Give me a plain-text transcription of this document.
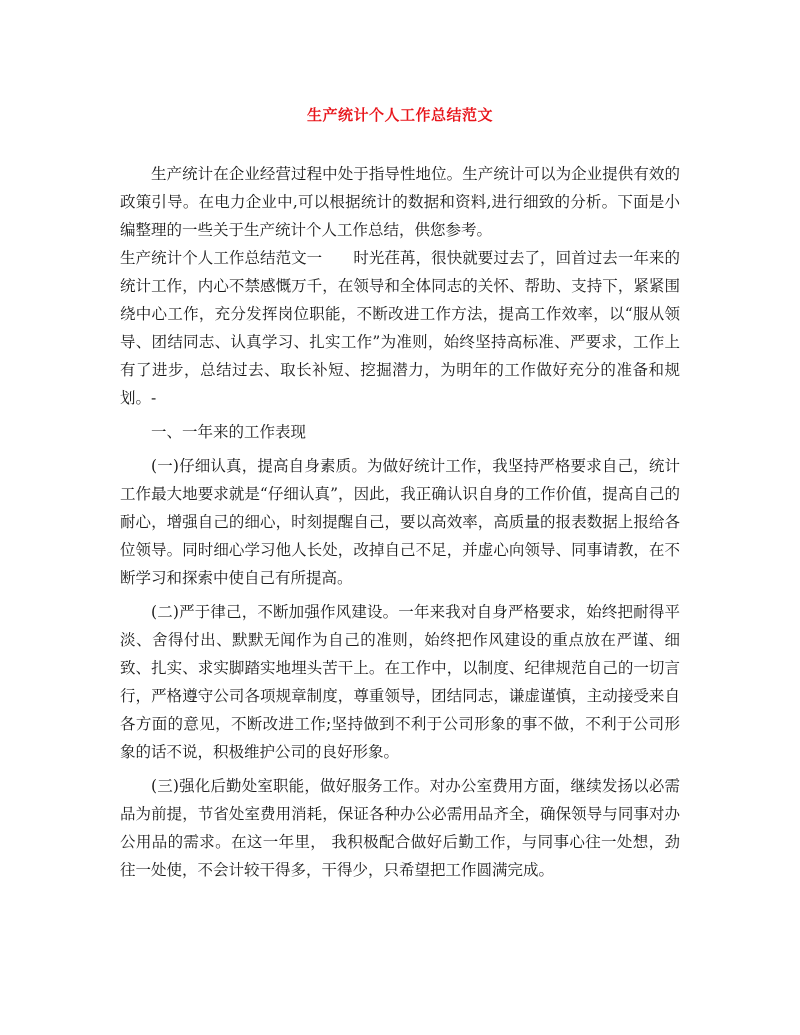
生产统计个人工作总结范文

生产统计在企业经营过程中处于指导性地位。生产统计可以为企业提供有效的政策引导。在电力企业中,可以根据统计的数据和资料,进行细致的分析。下面是小编整理的一些关于生产统计个人工作总结，供您参考。

生产统计个人工作总结范文一　　时光荏苒，很快就要过去了，回首过去一年来的统计工作，内心不禁感慨万千，在领导和全体同志的关怀、帮助、支持下，紧紧围绕中心工作，充分发挥岗位职能，不断改进工作方法，提高工作效率，以“服从领导、团结同志、认真学习、扎实工作”为准则，始终坚持高标准、严要求，工作上有了进步，总结过去、取长补短、挖掘潜力，为明年的工作做好充分的准备和规划。-

一、一年来的工作表现

(一)仔细认真，提高自身素质。为做好统计工作，我坚持严格要求自己，统计工作最大地要求就是“仔细认真”，因此，我正确认识自身的工作价值，提高自己的耐心，增强自己的细心，时刻提醒自己，要以高效率，高质量的报表数据上报给各位领导。同时细心学习他人长处，改掉自己不足，并虚心向领导、同事请教，在不断学习和探索中使自己有所提高。

(二)严于律己，不断加强作风建设。一年来我对自身严格要求，始终把耐得平淡、舍得付出、默默无闻作为自己的准则，始终把作风建设的重点放在严谨、细致、扎实、求实脚踏实地埋头苦干上。在工作中，以制度、纪律规范自己的一切言行，严格遵守公司各项规章制度，尊重领导，团结同志，谦虚谨慎，主动接受来自各方面的意见，不断改进工作;坚持做到不利于公司形象的事不做，不利于公司形象的话不说，积极维护公司的良好形象。

(三)强化后勤处室职能，做好服务工作。对办公室费用方面，继续发扬以必需品为前提，节省处室费用消耗，保证各种办公必需用品齐全，确保领导与同事对办公用品的需求。在这一年里， 我积极配合做好后勤工作，与同事心往一处想，劲往一处使，不会计较干得多，干得少，只希望把工作圆满完成。
